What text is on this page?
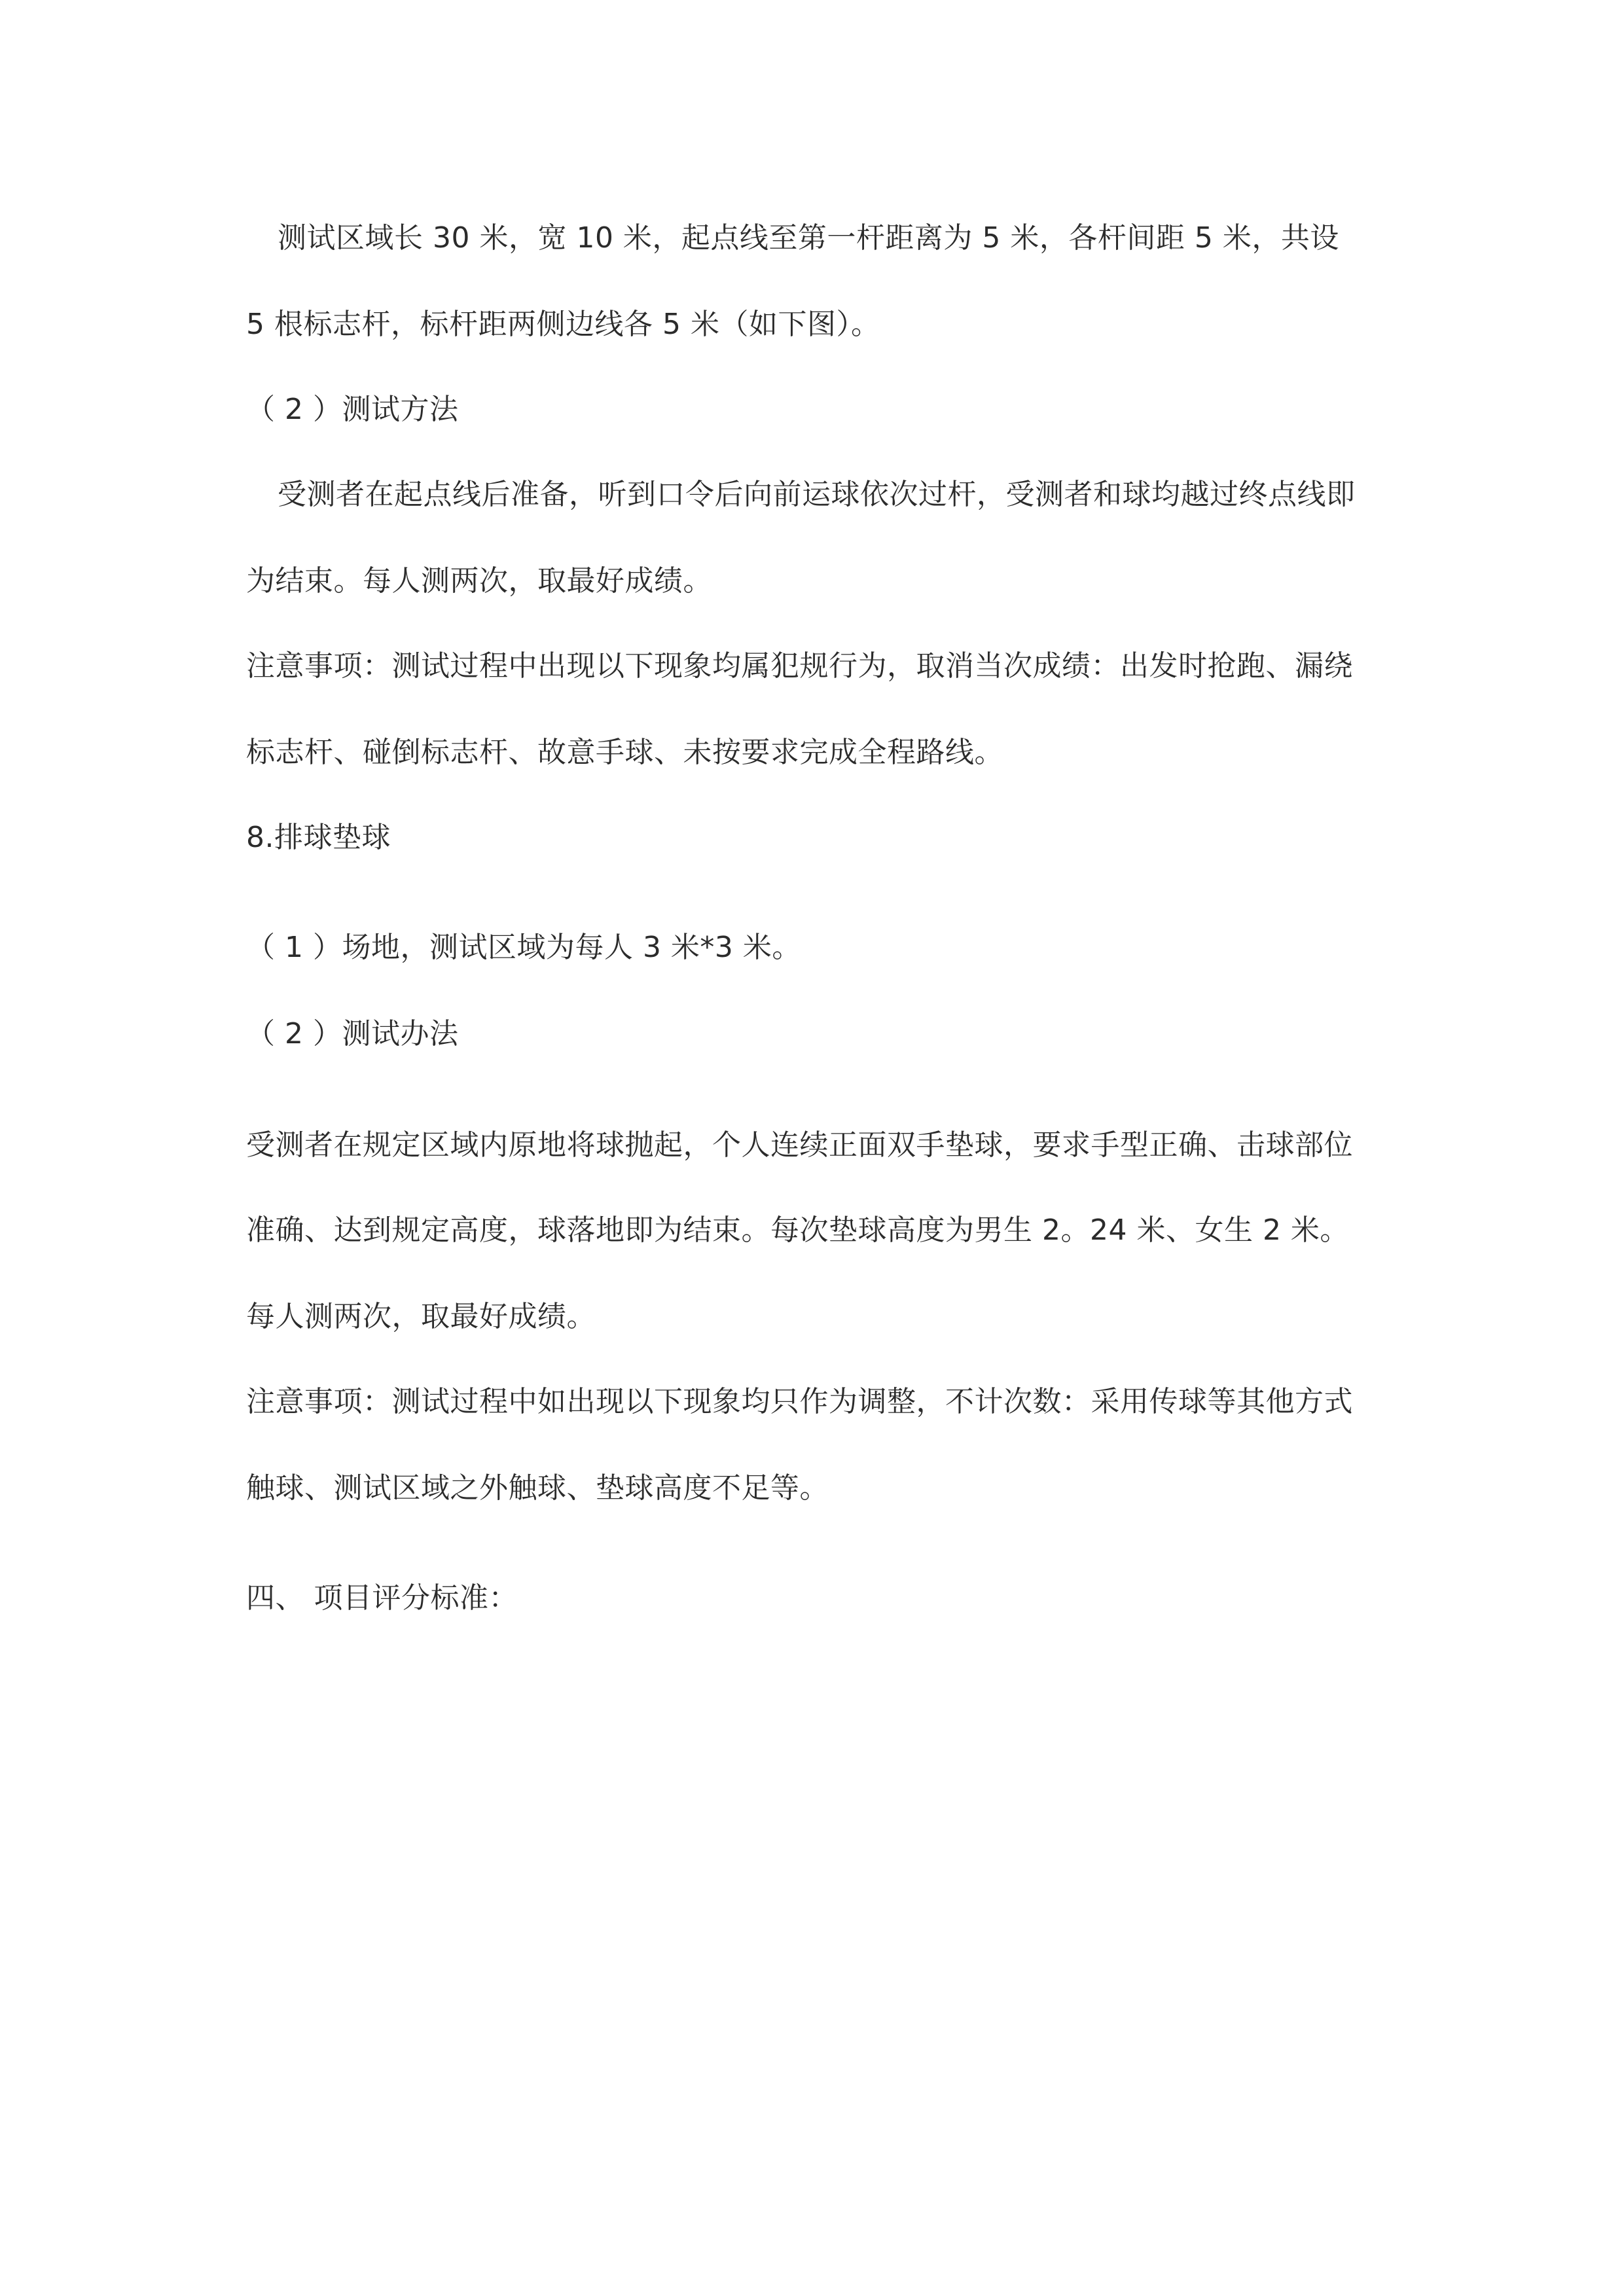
测试区域长 30 米，宽 10 米，起点线至第一杆距离为 5 米，各杆间距 5 米，共设
5 根标志杆，标杆距两侧边线各 5 米（如下图）。
（ 2 ）测试方法
受测者在起点线后准备，听到口令后向前运球依次过杆，受测者和球均越过终点线即
为结束。每人测两次，取最好成绩。
注意事项：测试过程中出现以下现象均属犯规行为，取消当次成绩：出发时抢跑、漏绕
标志杆、碰倒标志杆、故意手球、未按要求完成全程路线。
8.排球垫球
（ 1 ）场地，测试区域为每人 3 米*3 米。
（ 2 ）测试办法
受测者在规定区域内原地将球抛起，个人连续正面双手垫球，要求手型正确、击球部位
准确、达到规定高度，球落地即为结束。每次垫球高度为男生 2。24 米、女生 2 米。
每人测两次，取最好成绩。
注意事项：测试过程中如出现以下现象均只作为调整，不计次数：采用传球等其他方式
触球、测试区域之外触球、垫球高度不足等。
四、 项目评分标准：
